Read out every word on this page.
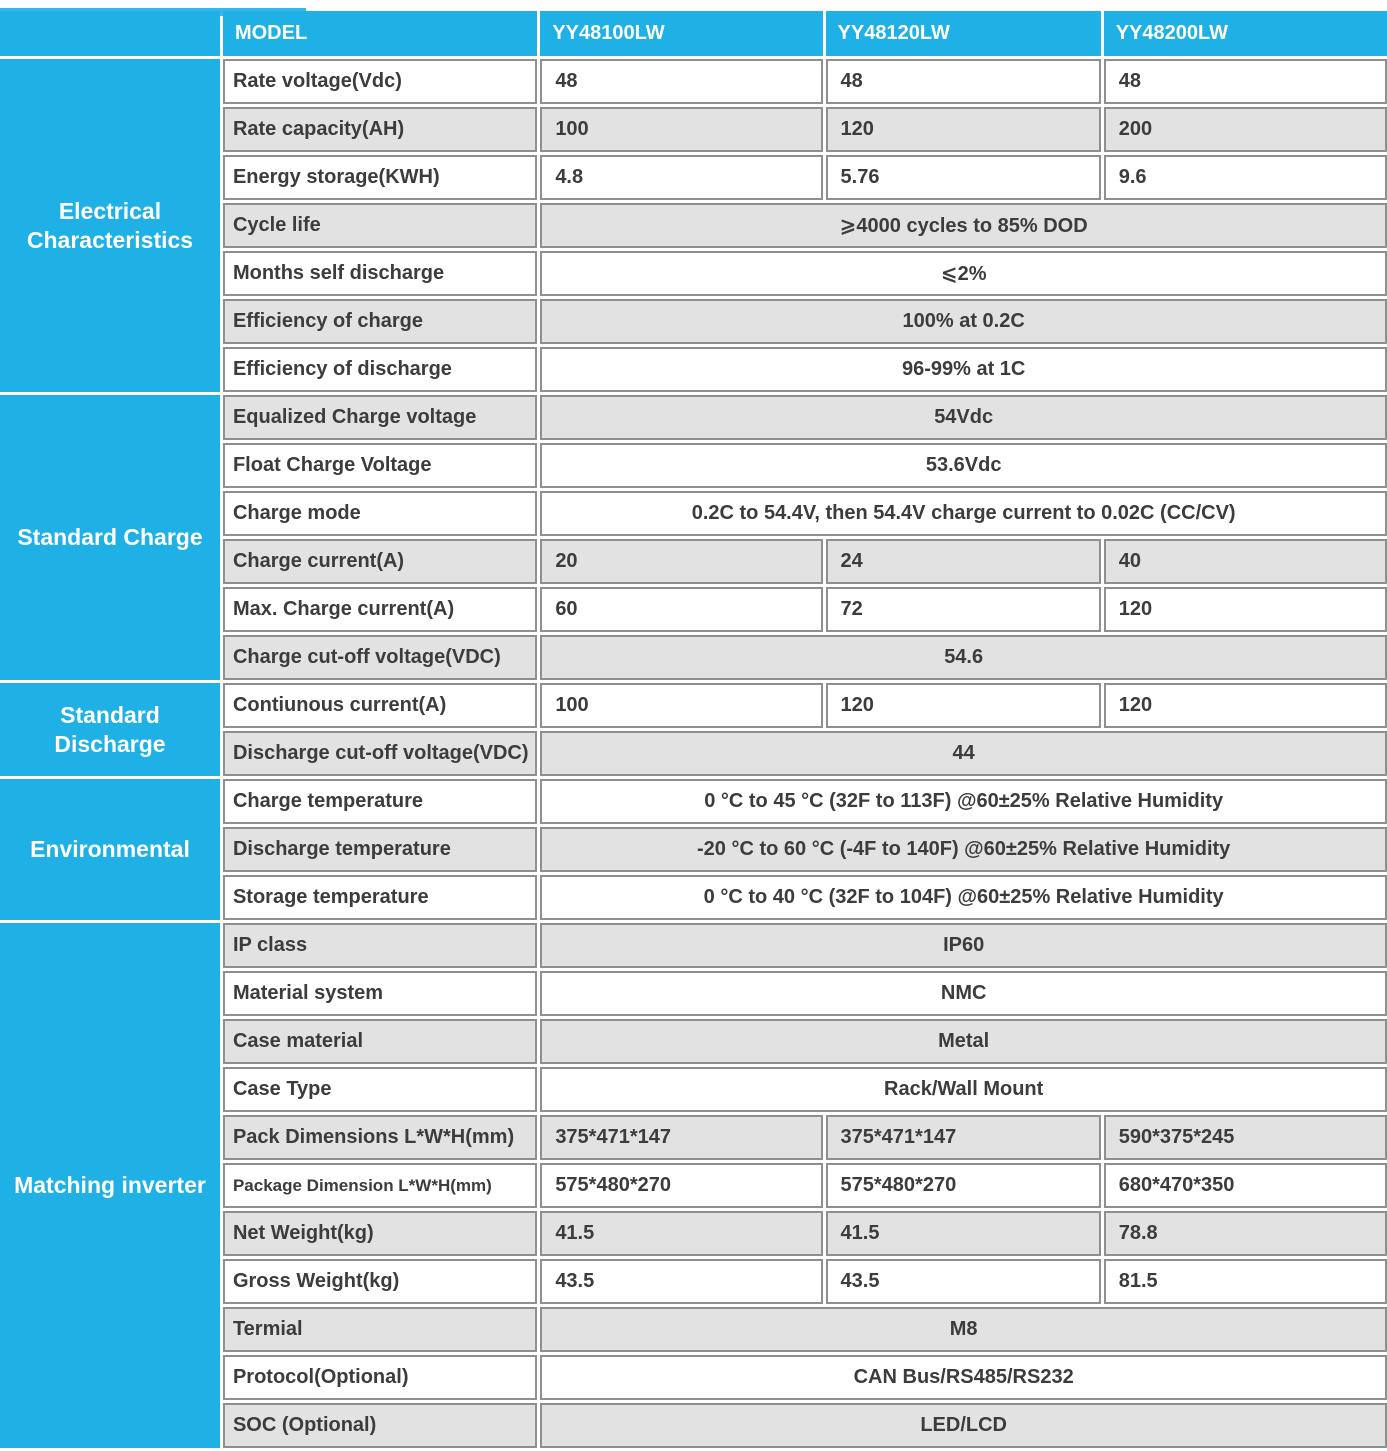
	MODEL	YY48100LW	YY48120LW	YY48200LW
Electrical Characteristics	Rate voltage(Vdc)	48	48	48
	Rate capacity(AH)	100	120	200
	Energy storage(KWH)	4.8	5.76	9.6
	Cycle life	⩾4000 cycles to 85% DOD		
	Months self discharge	⩽2%		
	Efficiency of charge	100% at 0.2C		
	Efficiency of discharge	96-99% at 1C		
Standard Charge	Equalized Charge voltage	54Vdc		
	Float Charge Voltage	53.6Vdc		
	Charge mode	0.2C to 54.4V, then 54.4V charge current to 0.02C (CC/CV)		
	Charge current(A)	20	24	40
	Max. Charge current(A)	60	72	120
	Charge cut-off voltage(VDC)	54.6		
Standard Discharge	Contiunous current(A)	100	120	120
	Discharge cut-off voltage(VDC)	44		
Environmental	Charge temperature	0 °C to 45 °C (32F to 113F) @60±25% Relative Humidity		
	Discharge temperature	-20 °C to 60 °C (-4F to 140F) @60±25% Relative Humidity		
	Storage temperature	0 °C to 40 °C (32F to 104F) @60±25% Relative Humidity		
Matching inverter	IP class	IP60		
	Material system	NMC		
	Case material	Metal		
	Case Type	Rack/Wall Mount		
	Pack Dimensions L*W*H(mm)	375*471*147	375*471*147	590*375*245
	Package Dimension L*W*H(mm)	575*480*270	575*480*270	680*470*350
	Net Weight(kg)	41.5	41.5	78.8
	Gross Weight(kg)	43.5	43.5	81.5
	Termial	M8		
	Protocol(Optional)	CAN Bus/RS485/RS232		
	SOC (Optional)	LED/LCD		
